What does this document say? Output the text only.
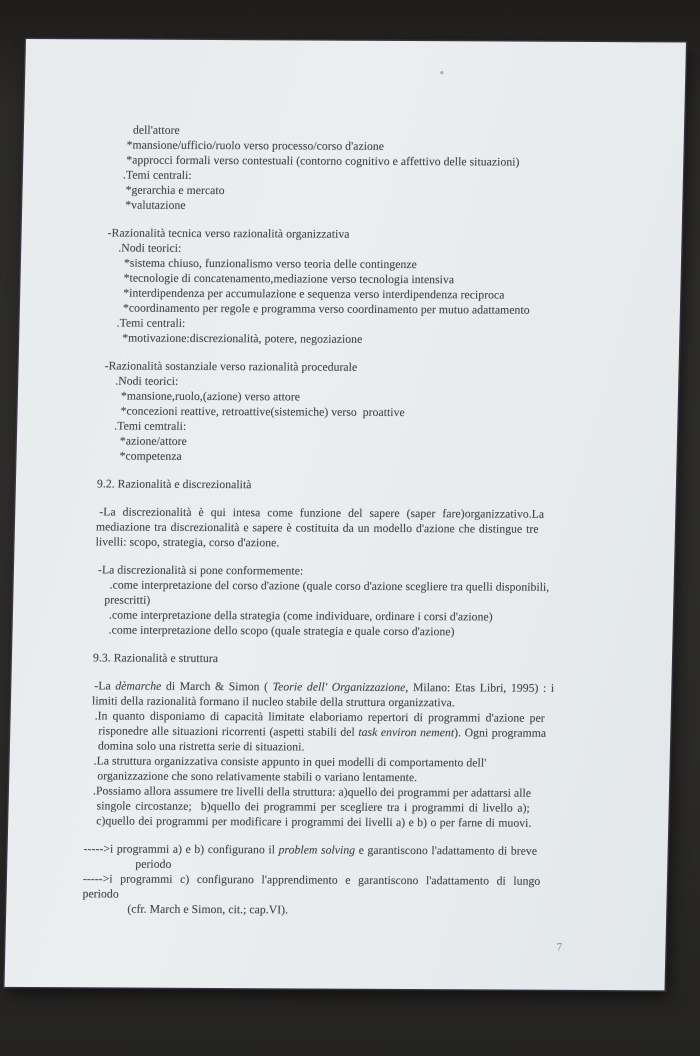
dell'attore
*mansione/ufficio/ruolo verso processo/corso d'azione
*approcci formali verso contestuali (contorno cognitivo e affettivo delle situazioni)
.Temi centrali:
*gerarchia e mercato
*valutazione
-Razionalità tecnica verso razionalità organizzativa
.Nodi teorici:
*sistema chiuso, funzionalismo verso teoria delle contingenze
*tecnologie di concatenamento,mediazione verso tecnologia intensiva
*interdipendenza per accumulazione e sequenza verso interdipendenza reciproca
*coordinamento per regole e programma verso coordinamento per mutuo adattamento
.Temi centrali:
*motivazione:discrezionalità, potere, negoziazione
-Razionalità sostanziale verso razionalità procedurale
.Nodi teorici:
*mansione,ruolo,(azione) verso attore
*concezioni reattive, retroattive(sistemiche) verso  proattive
.Temi cemtrali:
*azione/attore
*competenza
9.2. Razionalità e discrezionalità
-La discrezionalità è qui intesa come funzione del sapere (saper fare)organizzativo.La
mediazione tra discrezionalità e sapere è costituita da un modello d'azione che distingue tre
livelli: scopo, strategia, corso d'azione.
-La discrezionalità si pone conformemente:
.come interpretazione del corso d'azione (quale corso d'azione scegliere tra quelli disponibili,
prescritti)
.come interpretazione della strategia (come individuare, ordinare i corsi d'azione)
.come interpretazione dello scopo (quale strategia e quale corso d'azione)
9.3. Razionalità e struttura
-La dèmarche di March & Simon ( Teorie dell' Organizzazione, Milano: Etas Libri, 1995) : i
limiti della razionalità formano il nucleo stabile della struttura organizzativa.
.In quanto disponiamo di capacità limitate elaboriamo repertori di programmi d'azione per
risponedre alle situazioni ricorrenti (aspetti stabili del task environ nement). Ogni programma
domina solo una ristretta serie di situazioni.
.La struttura organizzativa consiste appunto in quei modelli di comportamento dell'
organizzazione che sono relativamente stabili o variano lentamente.
.Possiamo allora assumere tre livelli della struttura: a)quello dei programmi per adattarsi alle
singole circostanze;  b)quello dei programmi per scegliere tra i programmi di livello a);
c)quello dei programmi per modificare i programmi dei livelli a) e b) o per farne di muovi.
----->i programmi a) e b) configurano il problem solving e garantiscono l'adattamento di breve
periodo
----->i programmi c) configurano l'apprendimento e garantiscono l'adattamento di lungo
periodo
(cfr. March e Simon, cit.; cap.VI).
7
